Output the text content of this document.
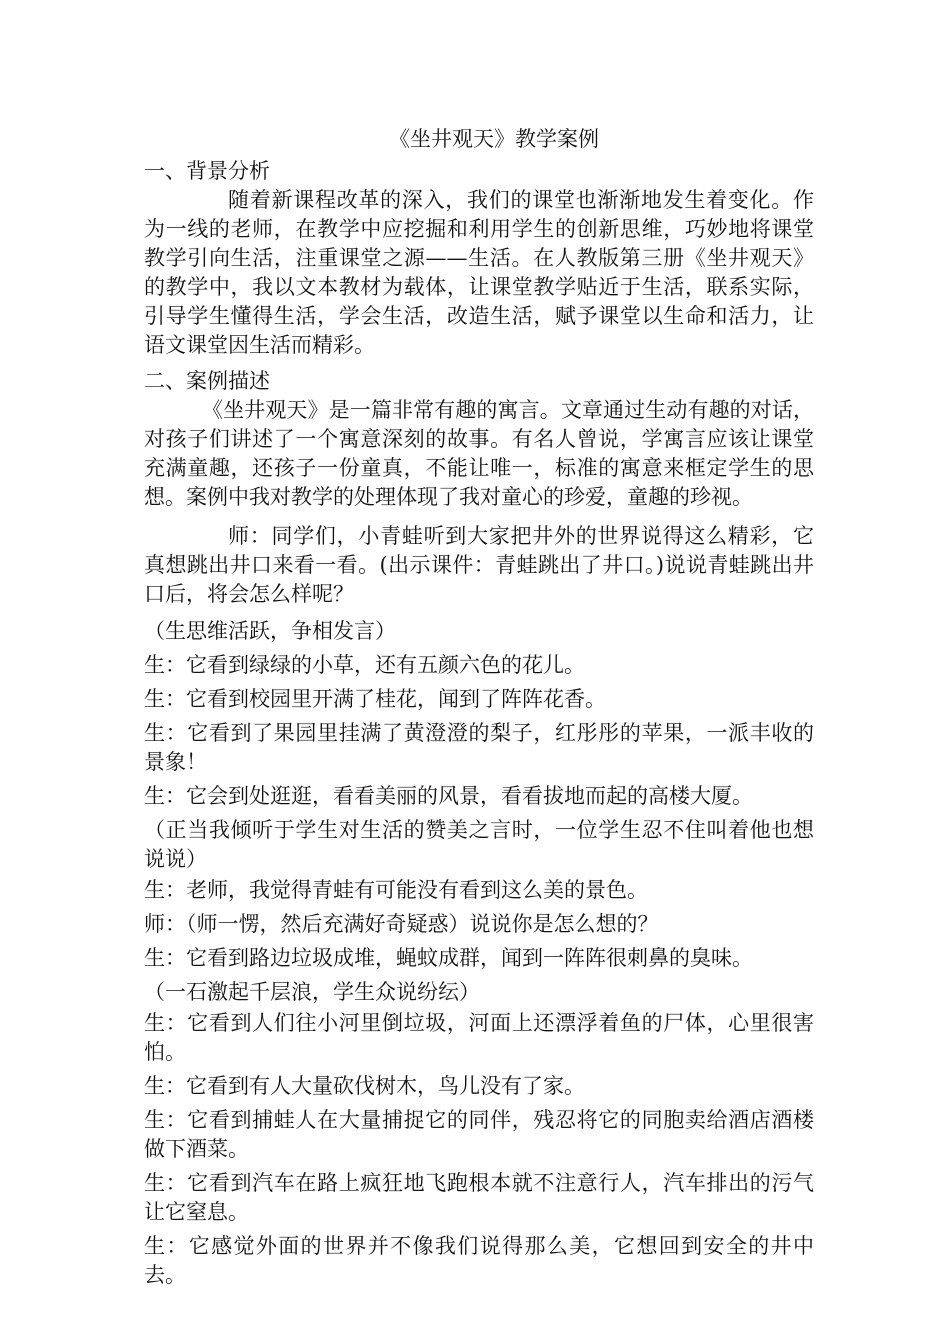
《坐井观天》教学案例

一、背景分析

随着新课程改革的深入，我们的课堂也渐渐地发生着变化。作为一线的老师，在教学中应挖掘和利用学生的创新思维，巧妙地将课堂教学引向生活，注重课堂之源——生活。在人教版第三册《坐井观天》的教学中，我以文本教材为载体，让课堂教学贴近于生活，联系实际，引导学生懂得生活，学会生活，改造生活，赋予课堂以生命和活力，让语文课堂因生活而精彩。

二、案例描述

《坐井观天》是一篇非常有趣的寓言。文章通过生动有趣的对话，对孩子们讲述了一个寓意深刻的故事。有名人曾说，学寓言应该让课堂充满童趣，还孩子一份童真，不能让唯一，标准的寓意来框定学生的思想。案例中我对教学的处理体现了我对童心的珍爱，童趣的珍视。

师：同学们，小青蛙听到大家把井外的世界说得这么精彩，它真想跳出井口来看一看。(出示课件：青蛙跳出了井口。)说说青蛙跳出井口后，将会怎么样呢？

（生思维活跃，争相发言）

生：它看到绿绿的小草，还有五颜六色的花儿。

生：它看到校园里开满了桂花，闻到了阵阵花香。

生：它看到了果园里挂满了黄澄澄的梨子，红彤彤的苹果，一派丰收的景象！

生：它会到处逛逛，看看美丽的风景，看看拔地而起的高楼大厦。

（正当我倾听于学生对生活的赞美之言时，一位学生忍不住叫着他也想说说）

生：老师，我觉得青蛙有可能没有看到这么美的景色。

师：（师一愣，然后充满好奇疑惑）说说你是怎么想的？

生：它看到路边垃圾成堆，蝇蚊成群，闻到一阵阵很刺鼻的臭味。

（一石激起千层浪，学生众说纷纭）

生：它看到人们往小河里倒垃圾，河面上还漂浮着鱼的尸体，心里很害怕。

生：它看到有人大量砍伐树木，鸟儿没有了家。

生：它看到捕蛙人在大量捕捉它的同伴，残忍将它的同胞卖给酒店酒楼做下酒菜。

生：它看到汽车在路上疯狂地飞跑根本就不注意行人，汽车排出的污气让它窒息。

生：它感觉外面的世界并不像我们说得那么美，它想回到安全的井中去。
